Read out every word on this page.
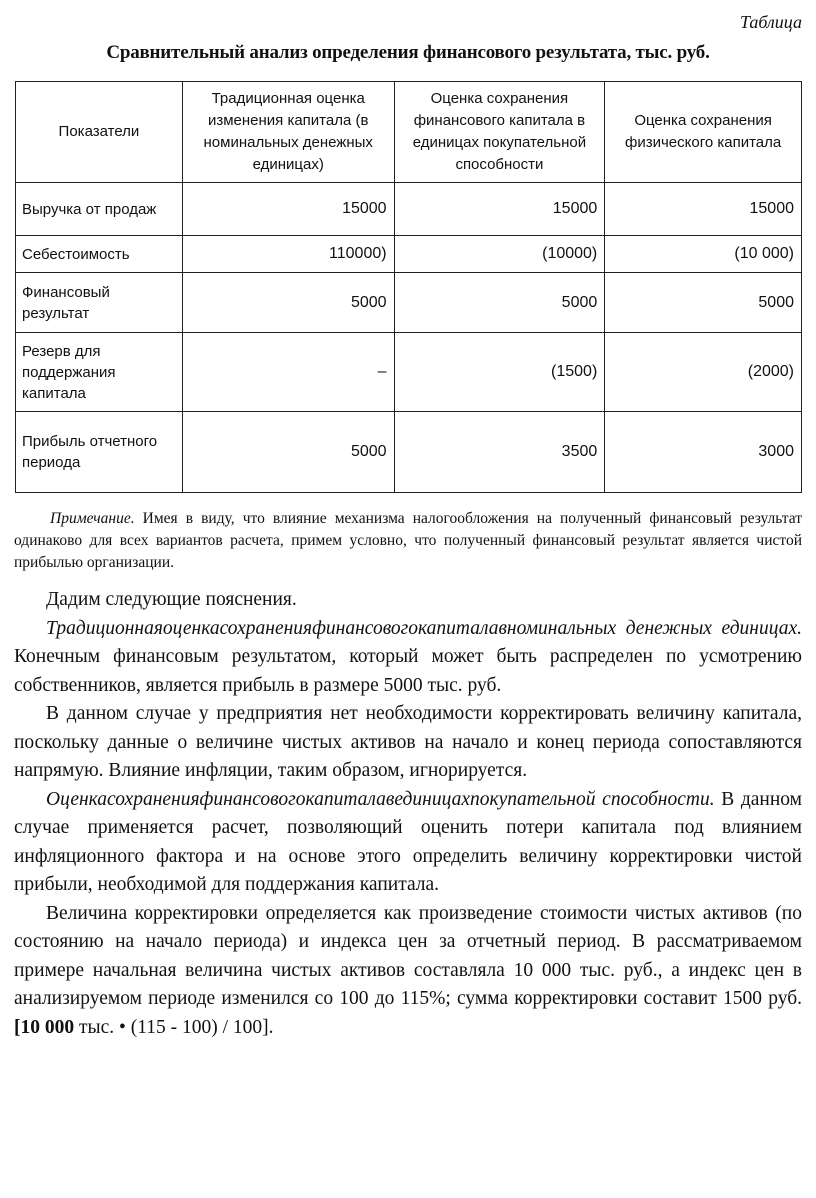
Таблица
Сравнительный анализ определения финансового результата, тыс. руб.
Показатели	Традиционная оценка изменения капитала (в номинальных денежных единицах)	Оценка сохранения финансового капитала в единицах покупательной способности	Оценка сохранения физического капитала
Выручка от продаж	15000	15000	15000
Себестоимость	110000)	(10000)	(10 000)
Финансовый результат	5000	5000	5000
Резерв для поддержания капитала	–	(1500)	(2000)
Прибыль отчетного периода	5000	3500	3000
Примечание. Имея в виду, что влияние механизма налогообложения на полученный финансовый результат одинаково для всех вариантов расчета, примем условно, что полученный финансовый результат является чистой прибылью организации.

Дадим следующие пояснения.

Традиционнаяоценкасохраненияфинансовогокапиталавноминальных денежных единицах. Конечным финансовым результатом, который может быть распределен по усмотрению собственников, является прибыль в размере 5000 тыс. руб.

В данном случае у предприятия нет необходимости корректировать величину капитала, поскольку данные о величине чистых активов на начало и конец периода сопоставляются напрямую. Влияние инфляции, таким образом, игнорируется.

Оценкасохраненияфинансовогокапиталавединицахпокупательной способности. В данном случае применяется расчет, позволяющий оценить потери капитала под влиянием инфляционного фактора и на основе этого определить величину корректировки чистой прибыли, необходимой для поддержания капитала.

Величина корректировки определяется как произведение стоимости чистых активов (по состоянию на начало периода) и индекса цен за отчетный период. В рассматриваемом примере начальная величина чистых активов составляла 10 000 тыс. руб., а индекс цен в анализируемом периоде изменился со 100 до 115%; сумма корректировки составит 1500 руб. [10 000 тыс. • (115 - 100) / 100].
